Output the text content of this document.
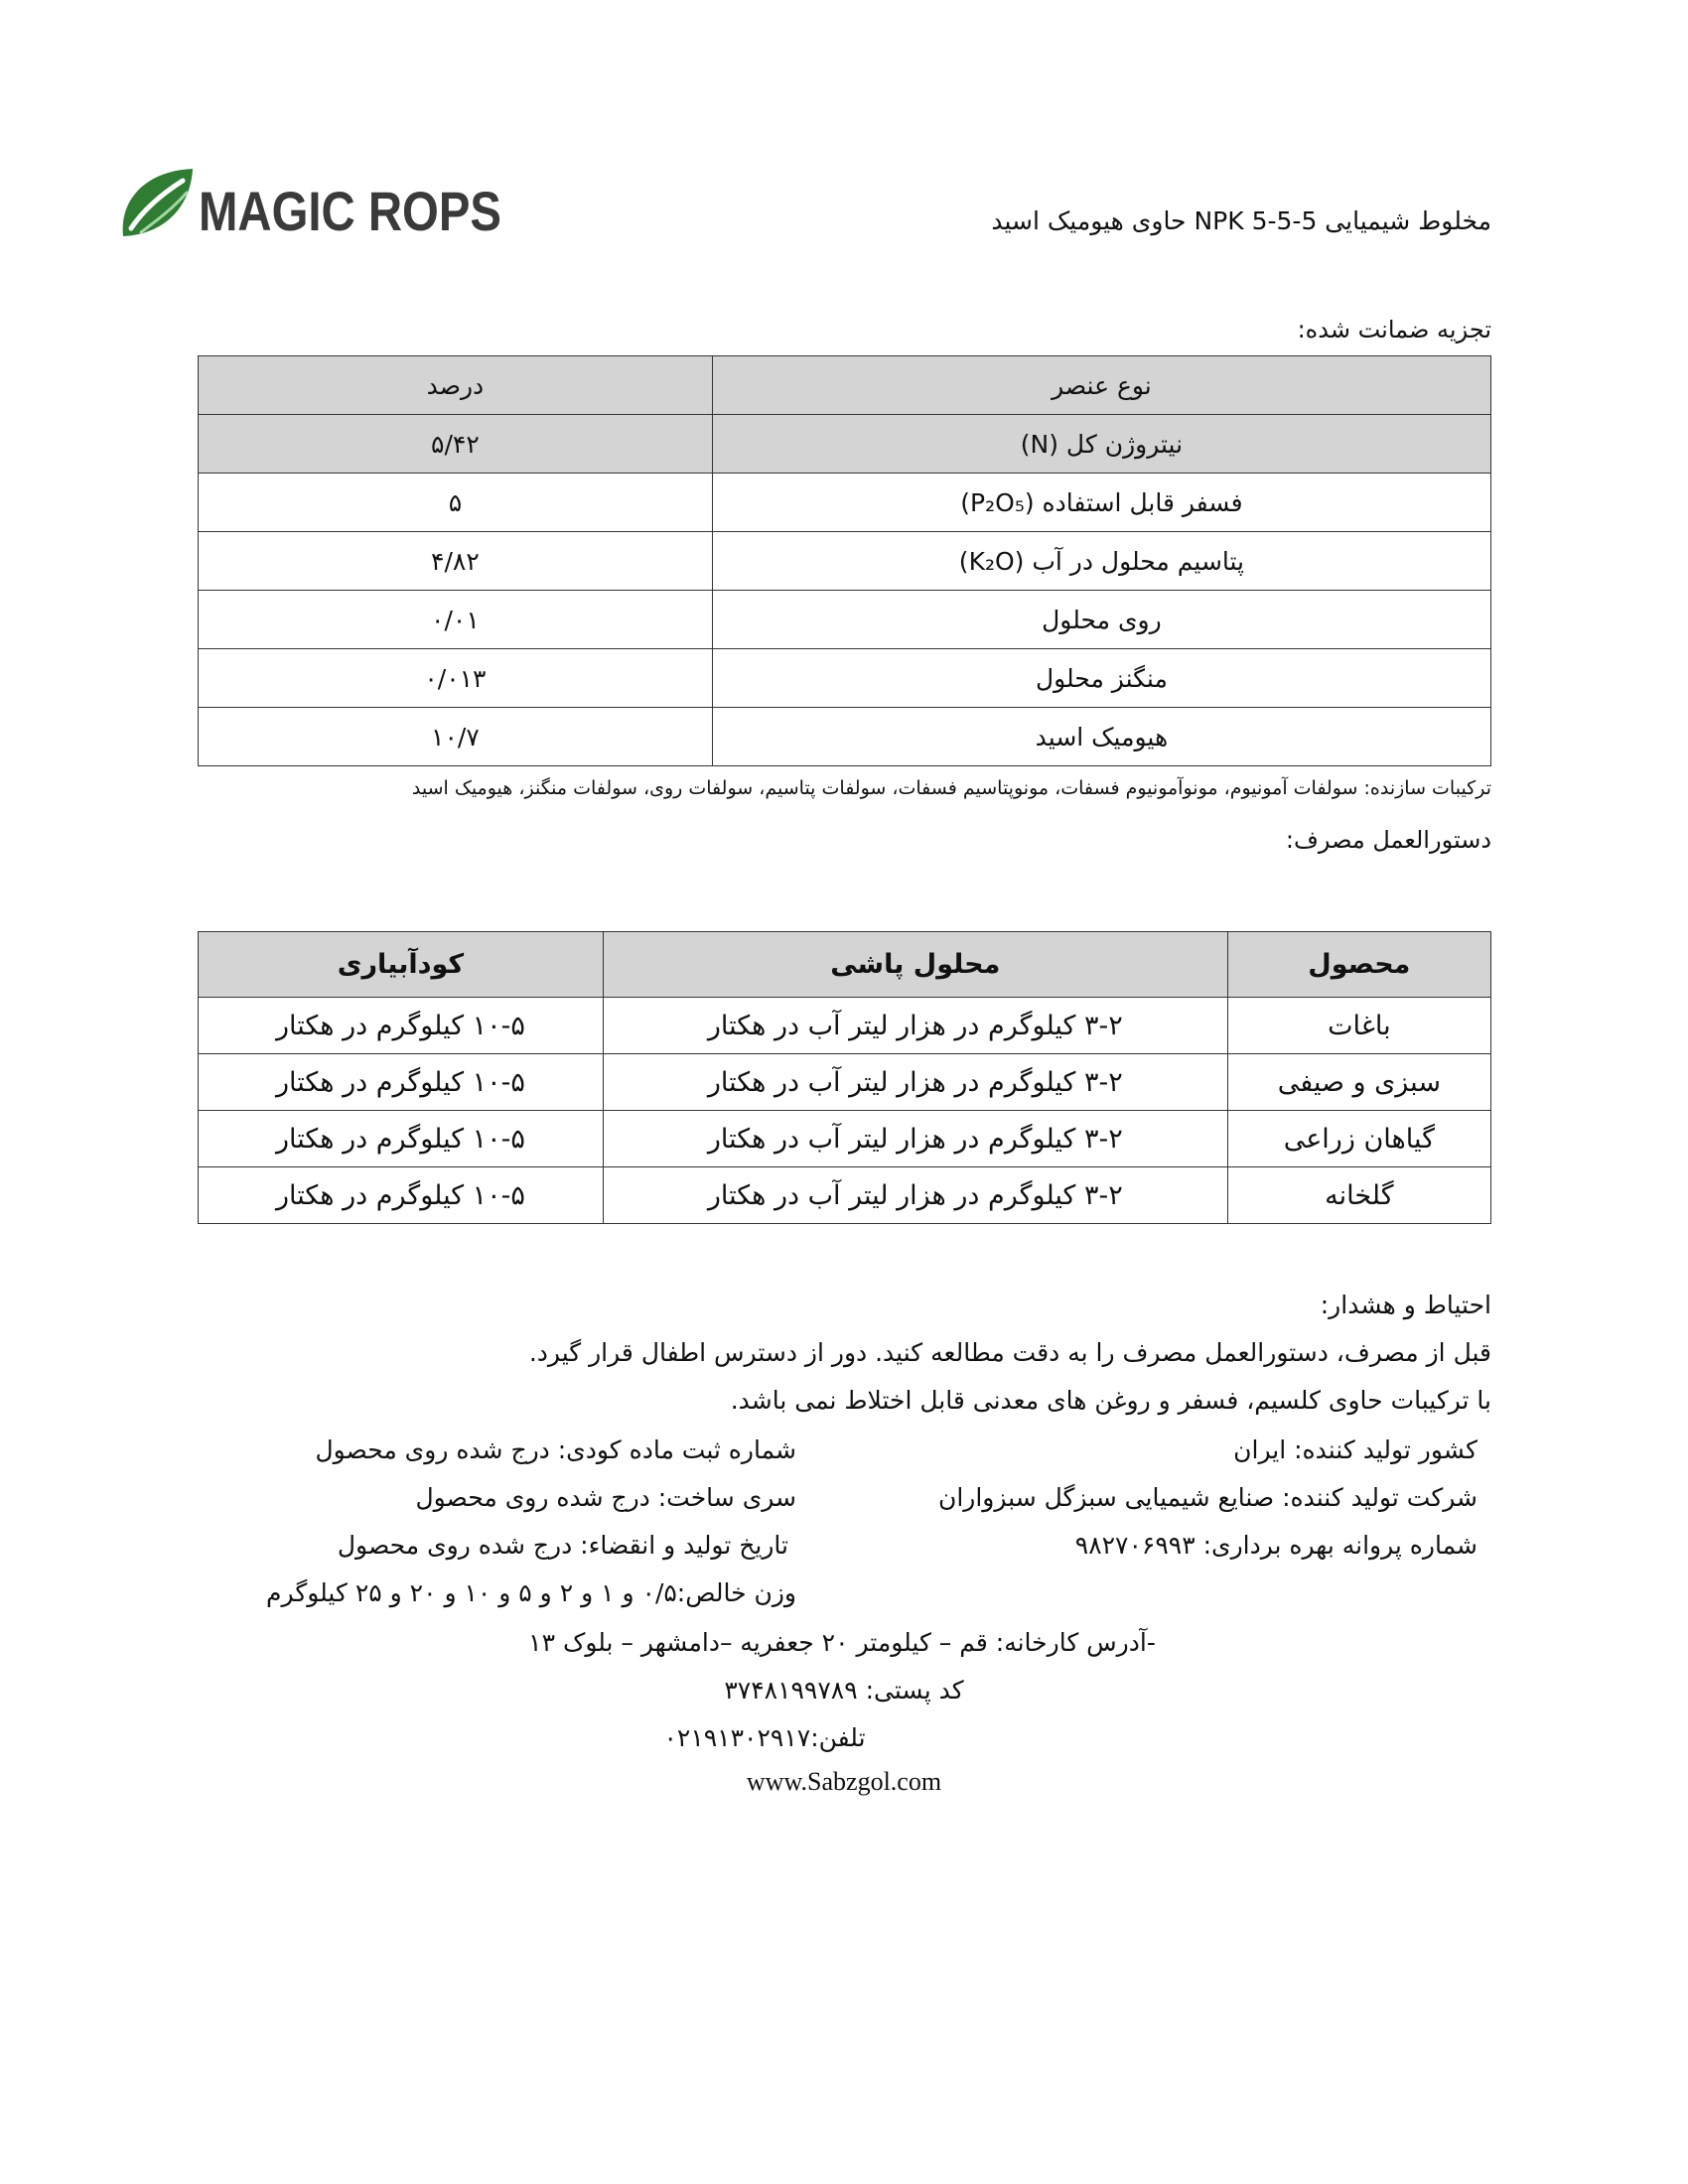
MAGIC ROPS	مخلوط شیمیایی NPK 5-5-5 حاوی هیومیک اسید
تجزیه ضمانت شده:
نوع عنصر	درصد
نیتروژن کل (N)	۵/۴۲
فسفر قابل استفاده (P₂O₅)	۵
پتاسیم محلول در آب (K₂O)	۴/۸۲
روی محلول	۰/۰۱
منگنز محلول	۰/۰۱۳
هیومیک اسید	۱۰/۷
ترکیبات سازنده: سولفات آمونیوم، مونوآمونیوم فسفات، مونوپتاسیم فسفات، سولفات پتاسیم، سولفات روی، سولفات منگنز، هیومیک اسید
دستورالعمل مصرف:
محصول	محلول پاشی	کودآبیاری
باغات	۳-۲ کیلوگرم در هزار لیتر آب در هکتار	۱۰-۵ کیلوگرم در هکتار
سبزی و صیفی	۳-۲ کیلوگرم در هزار لیتر آب در هکتار	۱۰-۵ کیلوگرم در هکتار
گیاهان زراعی	۳-۲ کیلوگرم در هزار لیتر آب در هکتار	۱۰-۵ کیلوگرم در هکتار
گلخانه	۳-۲ کیلوگرم در هزار لیتر آب در هکتار	۱۰-۵ کیلوگرم در هکتار
احتیاط و هشدار:
قبل از مصرف، دستورالعمل مصرف را به دقت مطالعه کنید. دور از دسترس اطفال قرار گیرد.
با ترکیبات حاوی کلسیم، فسفر و روغن های معدنی قابل اختلاط نمی باشد.
کشور تولید کننده: ایران
شرکت تولید کننده: صنایع شیمیایی سبزگل سبزواران
شماره پروانه بهره برداری: ۹۸۲۷۰۶۹۹۳
شماره ثبت ماده کودی: درج شده روی محصول
سری ساخت: درج شده روی محصول
تاریخ تولید و انقضاء: درج شده روی محصول
وزن خالص:۰/۵ و ۱ و ۲ و ۵ و ۱۰ و ۲۰ و ۲۵ کیلوگرم
-آدرس کارخانه: قم – کیلومتر ۲۰ جعفریه –دامشهر – بلوک ۱۳
کد پستی: ۳۷۴۸۱۹۹۷۸۹
تلفن:۰۲۱۹۱۳۰۲۹۱۷
www.Sabzgol.com
